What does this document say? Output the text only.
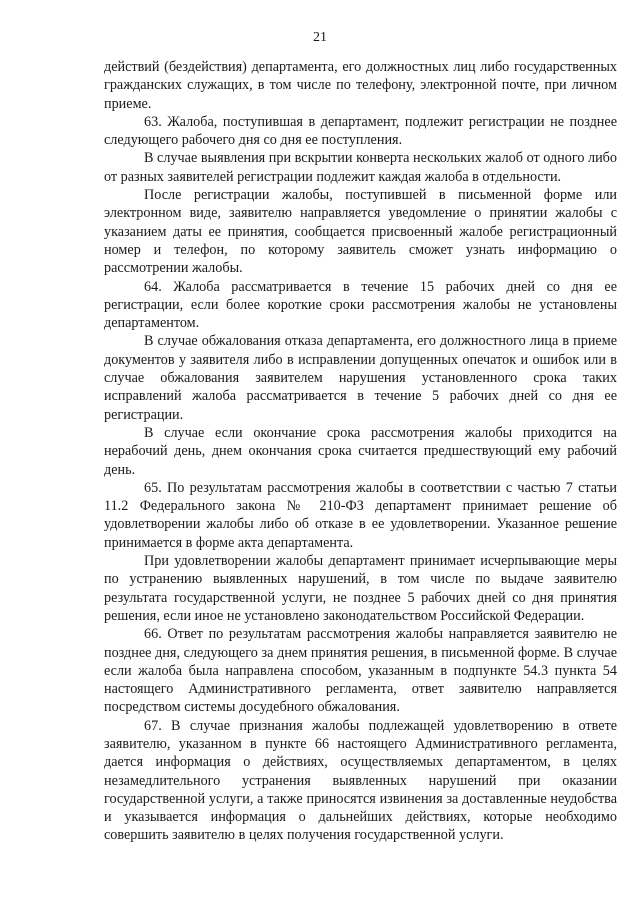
21

действий (бездействия) департамента, его должностных лиц либо государственных гражданских служащих, в том числе по телефону, электронной почте, при личном приеме.

63. Жалоба, поступившая в департамент, подлежит регистрации не позднее следующего рабочего дня со дня ее поступления.

В случае выявления при вскрытии конверта нескольких жалоб от одного либо от разных заявителей регистрации подлежит каждая жалоба в отдельности.

После регистрации жалобы, поступившей в письменной форме или электронном виде, заявителю направляется уведомление о принятии жалобы с указанием даты ее принятия, сообщается присвоенный жалобе регистрационный номер и телефон, по которому заявитель сможет узнать информацию о рассмотрении жалобы.

64. Жалоба рассматривается в течение 15 рабочих дней со дня ее регистрации, если более короткие сроки рассмотрения жалобы не установлены департаментом.

В случае обжалования отказа департамента, его должностного лица в приеме документов у заявителя либо в исправлении допущенных опечаток и ошибок или в случае обжалования заявителем нарушения установленного срока таких исправлений жалоба рассматривается в течение 5 рабочих дней со дня ее регистрации.

В случае если окончание срока рассмотрения жалобы приходится на нерабочий день, днем окончания срока считается предшествующий ему рабочий день.

65. По результатам рассмотрения жалобы в соответствии с частью 7 статьи 11.2 Федерального закона № 210-ФЗ департамент принимает решение об удовлетворении жалобы либо об отказе в ее удовлетворении. Указанное решение принимается в форме акта департамента.

При удовлетворении жалобы департамент принимает исчерпывающие меры по устранению выявленных нарушений, в том числе по выдаче заявителю результата государственной услуги, не позднее 5 рабочих дней со дня принятия решения, если иное не установлено законодательством Российской Федерации.

66. Ответ по результатам рассмотрения жалобы направляется заявителю не позднее дня, следующего за днем принятия решения, в письменной форме. В случае если жалоба была направлена способом, указанным в подпункте 54.3 пункта 54 настоящего Административного регламента, ответ заявителю направляется посредством системы досудебного обжалования.

67. В случае признания жалобы подлежащей удовлетворению в ответе заявителю, указанном в пункте 66 настоящего Административного регламента, дается информация о действиях, осуществляемых департаментом, в целях незамедлительного устранения выявленных нарушений при оказании государственной услуги, а также приносятся извинения за доставленные неудобства и указывается информация о дальнейших действиях, которые необходимо совершить заявителю в целях получения государственной услуги.
